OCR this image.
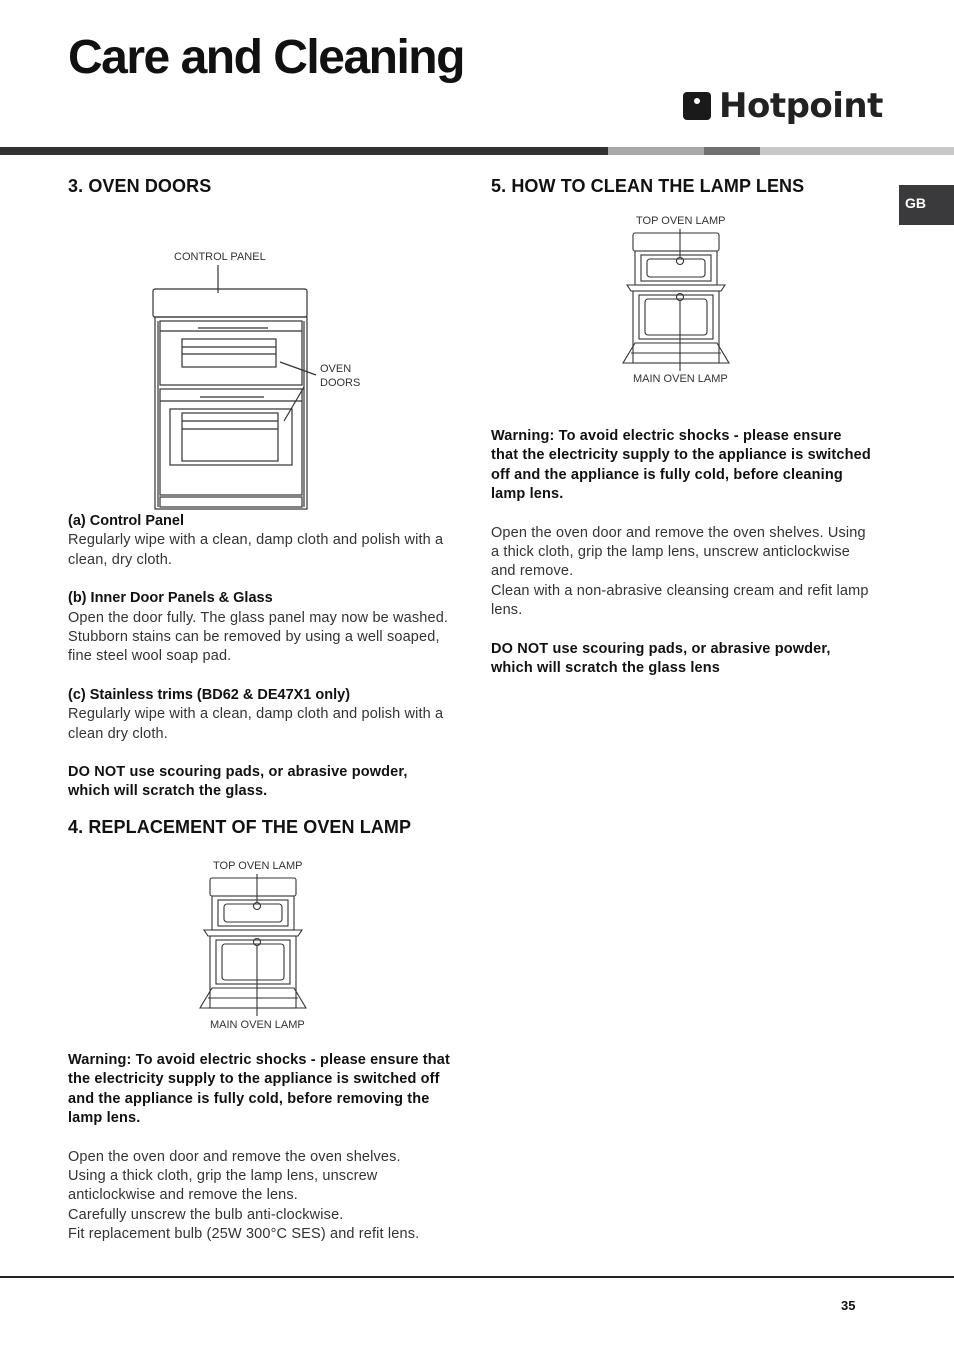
Care and Cleaning
Hotpoint
GB
3. OVEN DOORS
CONTROL PANEL
OVEN
DOORS
(a) Control Panel
Regularly wipe with a clean, damp cloth and polish with a clean, dry cloth.
(b) Inner Door Panels & Glass
Open the door fully. The glass panel may now be washed. Stubborn stains can be removed by using a well soaped, fine steel wool soap pad.
(c) Stainless trims (BD62 & DE47X1 only)
Regularly wipe with a clean, damp cloth and polish with a clean dry cloth.
DO NOT use scouring pads, or abrasive powder, which will scratch the glass.
4. REPLACEMENT OF THE OVEN LAMP
TOP OVEN LAMP
MAIN OVEN LAMP
Warning: To avoid electric shocks - please ensure that the electricity supply to the appliance is switched off and the appliance is fully cold, before removing the lamp lens.
Open the oven door and remove the oven shelves.
Using a thick cloth, grip the lamp lens, unscrew anticlockwise and remove the lens.
Carefully unscrew the bulb anti-clockwise.
Fit replacement bulb (25W 300°C SES) and refit lens.
5. HOW TO CLEAN THE LAMP LENS
TOP OVEN LAMP
MAIN OVEN LAMP
Warning: To avoid electric shocks - please ensure that the electricity supply to the appliance is switched off and the appliance is fully cold, before cleaning lamp lens.
Open the oven door and remove the oven shelves. Using a thick cloth, grip the lamp lens, unscrew anticlockwise and remove.
Clean with a non-abrasive cleansing cream and refit lamp lens.
DO NOT use scouring pads, or abrasive powder, which will scratch the glass lens
35
